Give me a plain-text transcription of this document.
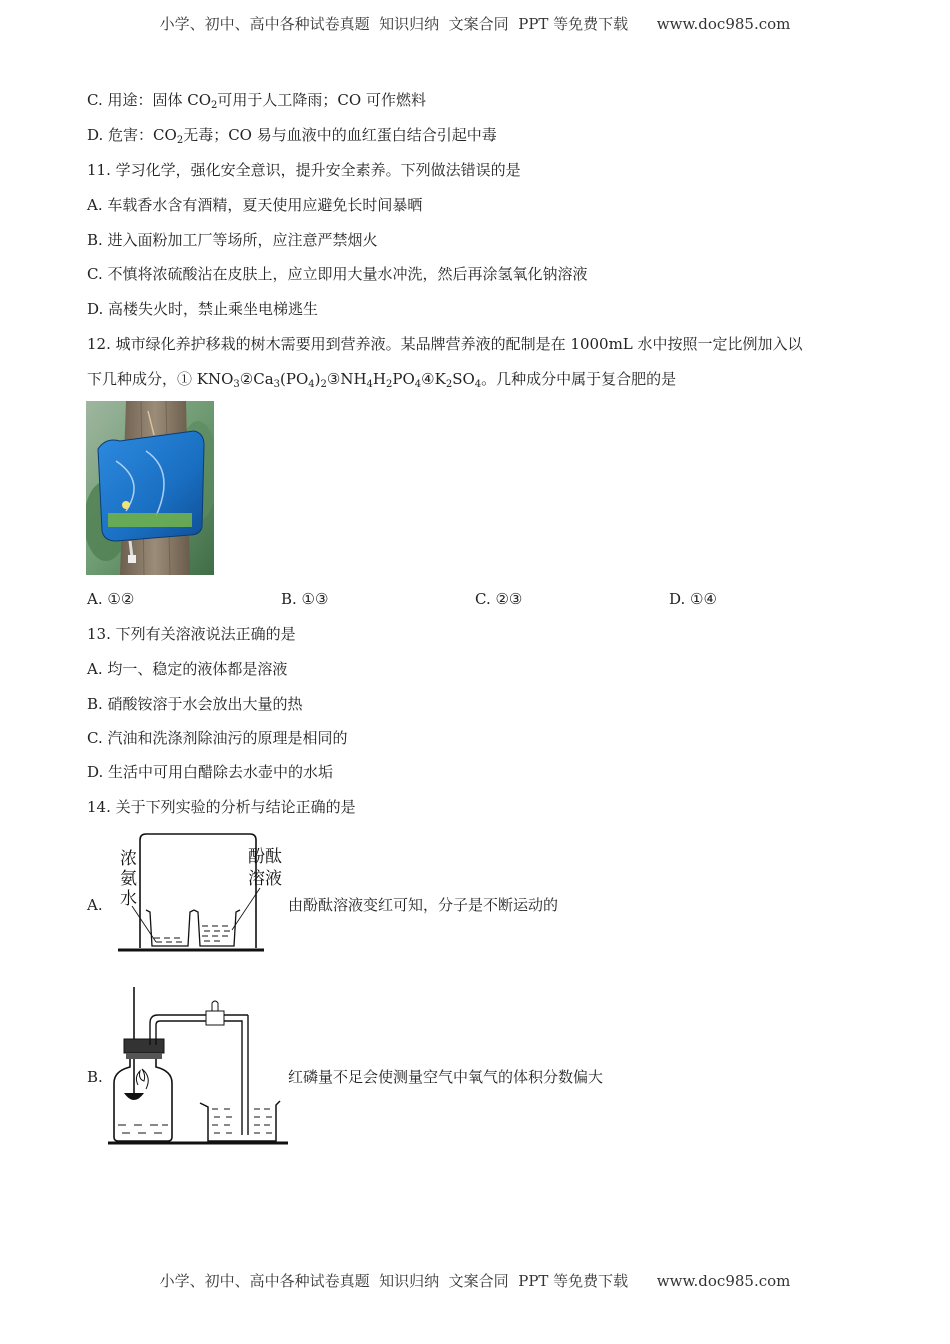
小学、初中、高中各种试卷真题  知识归纳  文案合同  PPT 等免费下载      www.doc985.com
C. 用途：固体 $CO_2$可用于人工降雨；CO 可作燃料
D. 危害：$CO_2$无毒；CO 易与血液中的血红蛋白结合引起中毒
11. 学习化学，强化安全意识，提升安全素养。下列做法错误的是
A. 车载香水含有酒精，夏天使用应避免长时间暴晒
B. 进入面粉加工厂等场所，应注意严禁烟火
C. 不慎将浓硫酸沾在皮肤上，应立即用大量水冲洗，然后再涂氢氧化钠溶液
D. 高楼失火时，禁止乘坐电梯逃生
12. 城市绿化养护移栽的树木需要用到营养液。某品牌营养液的配制是在 1000mL 水中按照一定比例加入以
下几种成分，① $KNO_3②Ca_3(PO_4)_2③NH_4H_2PO_4④K_2SO_4$。几种成分中属于复合肥的是
A. ①②	B. ①③	C. ②③	D. ①④
13. 下列有关溶液说法正确的是
A. 均一、稳定的液体都是溶液
B. 硝酸铵溶于水会放出大量的热
C. 汽油和洗涤剂除油污的原理是相同的
D. 生活中可用白醋除去水壶中的水垢
14. 关于下列实验的分析与结论正确的是
A.
浓
氨
水
酚酞
溶液
由酚酞溶液变红可知，分子是不断运动的
B.	红磷量不足会使测量空气中氧气的体积分数偏大
小学、初中、高中各种试卷真题  知识归纳  文案合同  PPT 等免费下载      www.doc985.com
